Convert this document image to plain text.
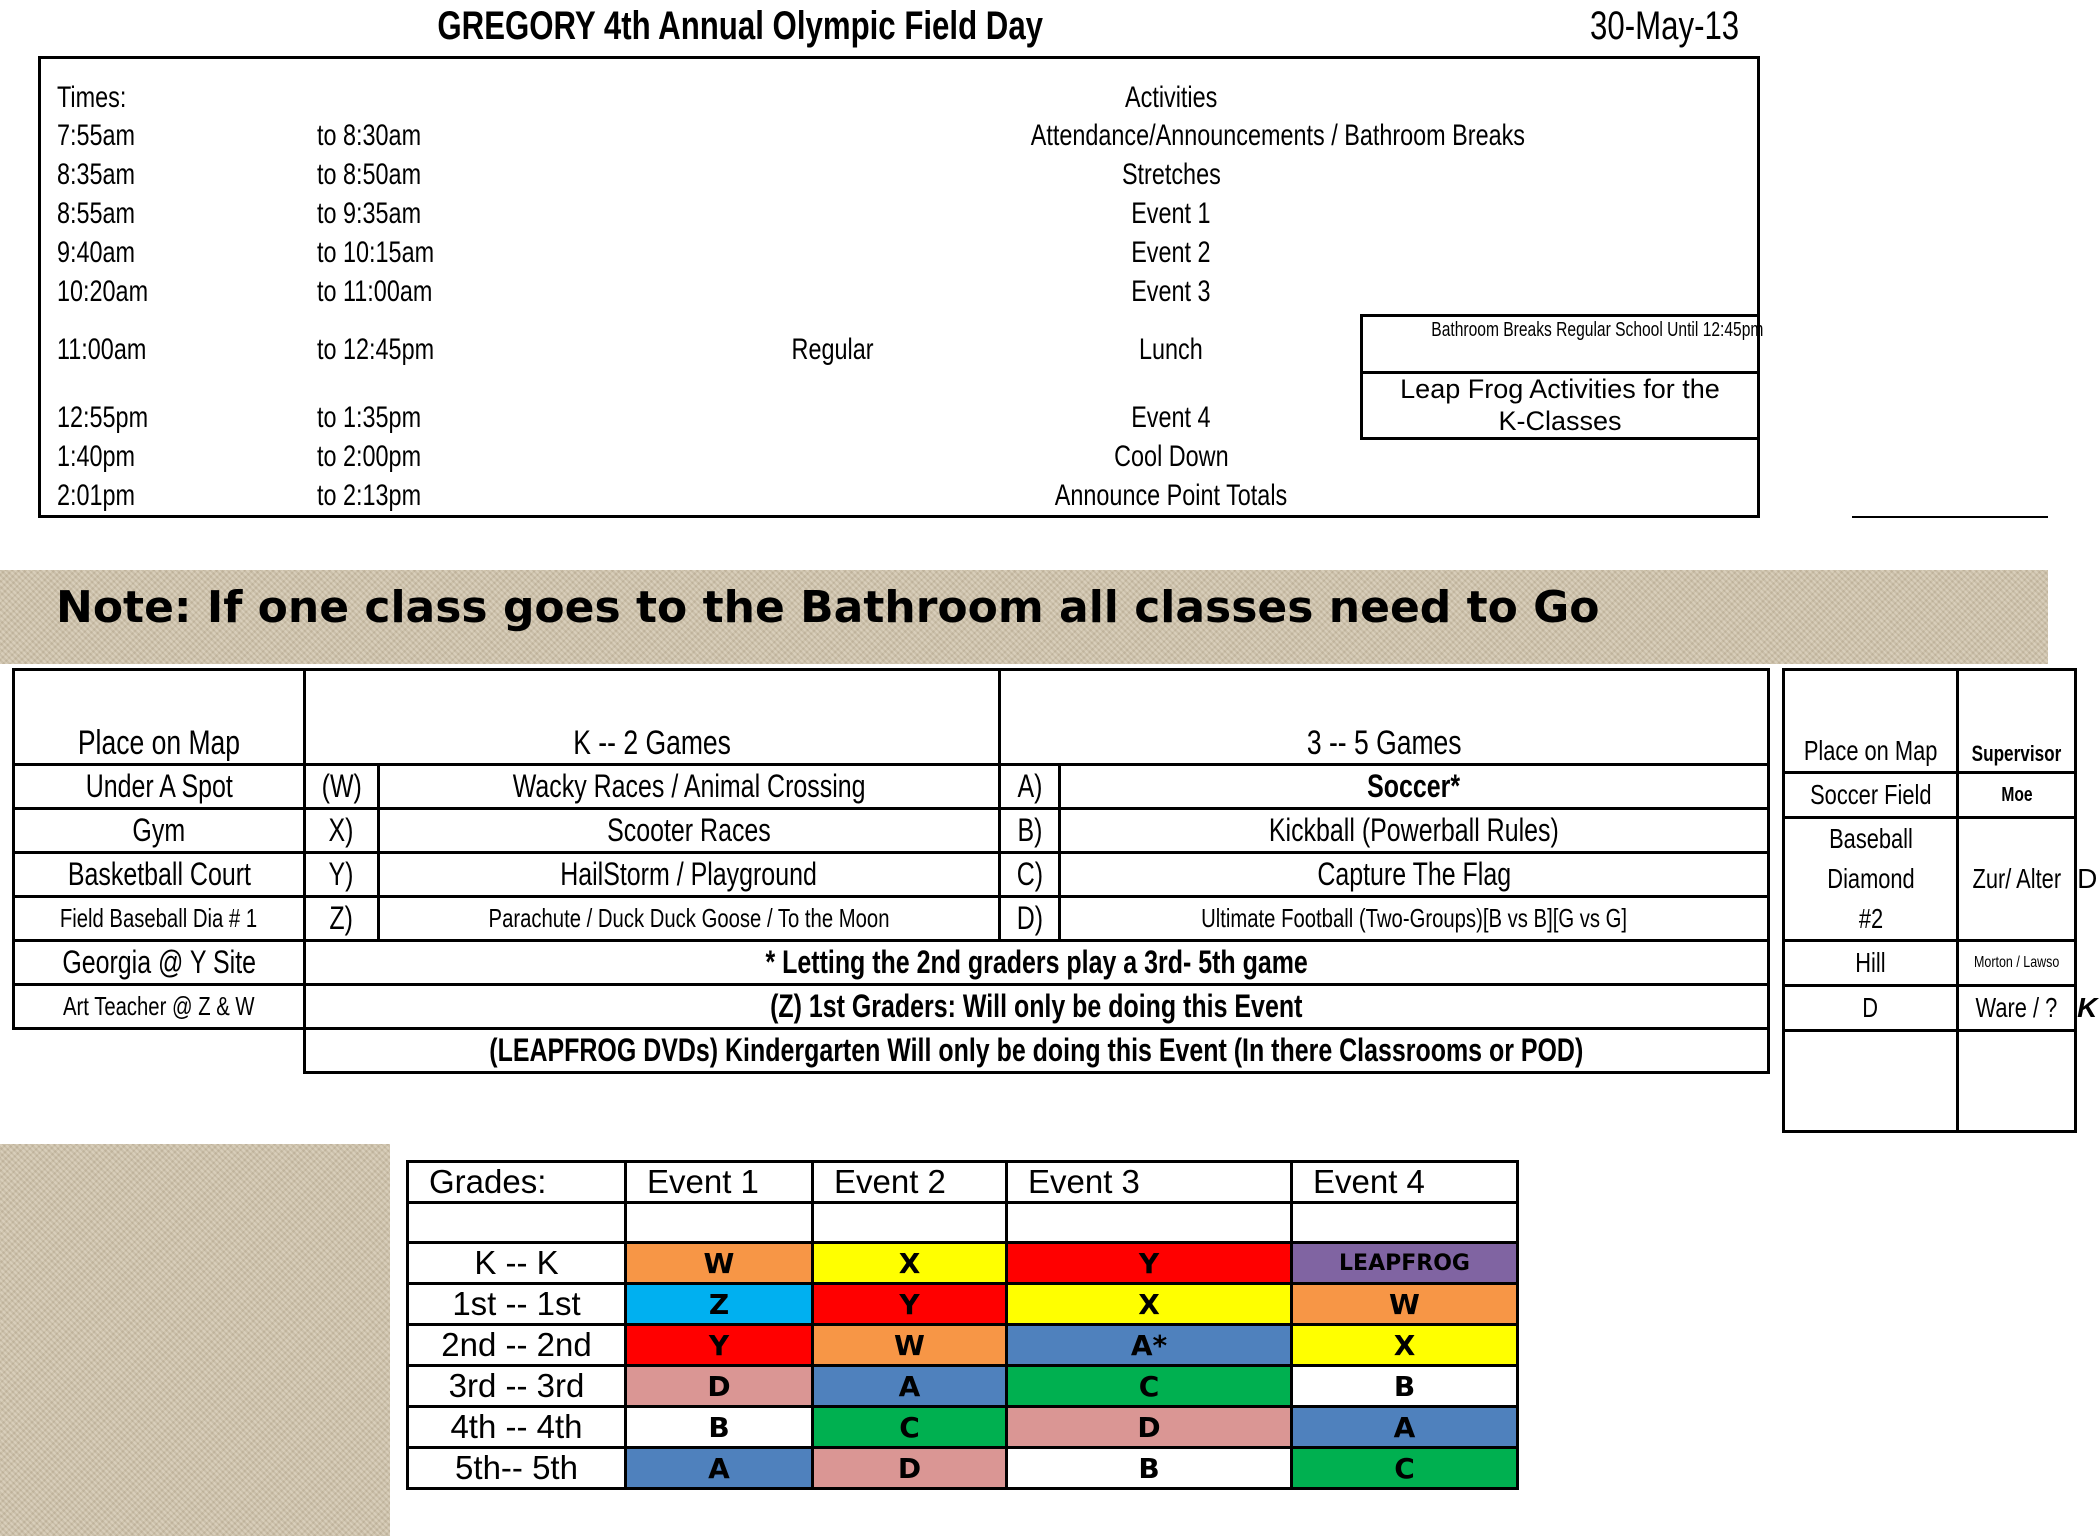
GREGORY 4th Annual Olympic Field Day	30-May-13
Times:	Activities
7:55am	to 8:30am	Attendance/Announcements / Bathroom Breaks
8:35am	to 8:50am	Stretches
8:55am	to 9:35am	Event 1
9:40am	to 10:15am	Event 2
10:20am	to 11:00am	Event 3
11:00am	to 12:45pm	Regular	Lunch
12:55pm	to 1:35pm	Event 4
1:40pm	to 2:00pm	Cool Down
2:01pm	to 2:13pm	Announce Point Totals
Bathroom Breaks Regular School Until 12:45pm
Leap Frog Activities for the K-Classes
Note: If one class goes to the Bathroom all classes need to Go
Place on Map	K -- 2 Games		3 -- 5 Games	
Under A Spot	(W)	Wacky Races / Animal Crossing	A)	Soccer*
Gym	X)	Scooter Races	B)	Kickball (Powerball Rules)
Basketball Court	Y)	HailStorm / Playground	C)	Capture The Flag
Field Baseball Dia # 1	Z)	Parachute / Duck Duck Goose / To the Moon	D)	Ultimate Football (Two-Groups)[B vs B][G vs G]
Georgia @ Y Site	* Letting the 2nd graders play a 3rd- 5th game			
Art Teacher @ Z & W	(Z) 1st Graders: Will only be doing this Event			
	(LEAPFROG DVDs) Kindergarten Will only be doing this Event (In there Classrooms or POD)			
Place on Map	Supervisor	
Soccer Field	Moe	
Baseball Diamond #2	Zur/ Alter	D
Hill	Morton / Lawso	
D	Ware / ?	K

Grades:	Event 1	Event 2	Event 3	Event 4

K -- K	W	X	Y	LEAPFROG
1st -- 1st	Z	Y	X	W
2nd -- 2nd	Y	W	A*	X
3rd -- 3rd	D	A	C	B
4th -- 4th	B	C	D	A
5th-- 5th	A	D	B	C
